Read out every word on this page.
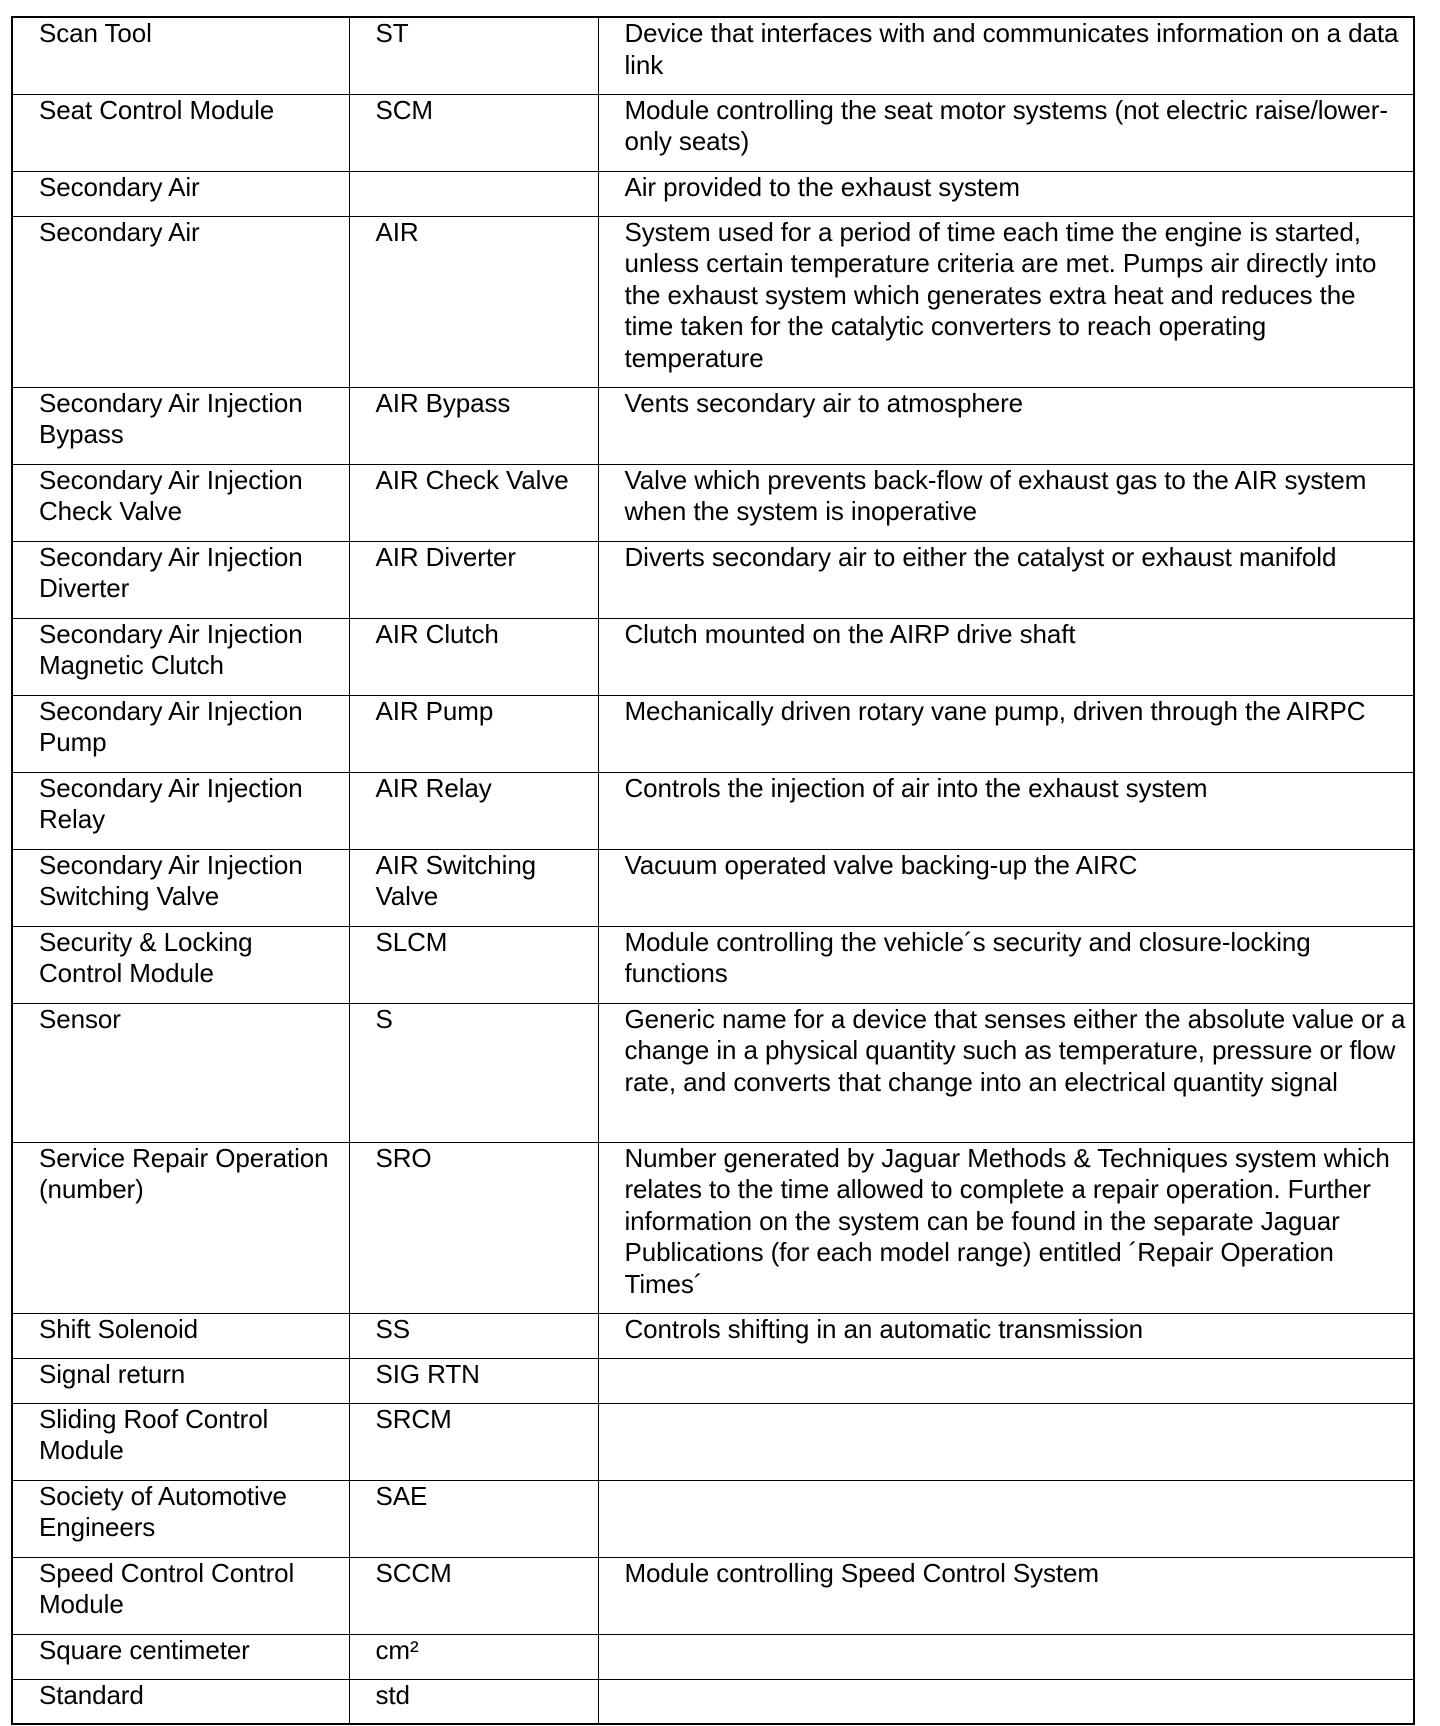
Scan Tool	ST	Device that interfaces with and communicates information on a data link
Seat Control Module	SCM	Module controlling the seat motor systems (not electric raise/lower-only seats)
Secondary Air		Air provided to the exhaust system
Secondary Air	AIR	System used for a period of time each time the engine is started, unless certain temperature criteria are met. Pumps air directly into the exhaust system which generates extra heat and reduces the time taken for the catalytic converters to reach operating temperature
Secondary Air Injection Bypass	AIR Bypass	Vents secondary air to atmosphere
Secondary Air Injection Check Valve	AIR Check Valve	Valve which prevents back-flow of exhaust gas to the AIR system when the system is inoperative
Secondary Air Injection Diverter	AIR Diverter	Diverts secondary air to either the catalyst or exhaust manifold
Secondary Air Injection Magnetic Clutch	AIR Clutch	Clutch mounted on the AIRP drive shaft
Secondary Air Injection Pump	AIR Pump	Mechanically driven rotary vane pump, driven through the AIRPC
Secondary Air Injection Relay	AIR Relay	Controls the injection of air into the exhaust system
Secondary Air Injection Switching Valve	AIR Switching Valve	Vacuum operated valve backing-up the AIRC
Security & Locking Control Module	SLCM	Module controlling the vehicle´s security and closure-locking functions
Sensor	S	Generic name for a device that senses either the absolute value or a change in a physical quantity such as temperature, pressure or flow rate, and converts that change into an electrical quantity signal
Service Repair Operation (number)	SRO	Number generated by Jaguar Methods & Techniques system which relates to the time allowed to complete a repair operation. Further information on the system can be found in the separate Jaguar Publications (for each model range) entitled ´Repair Operation Times´
Shift Solenoid	SS	Controls shifting in an automatic transmission
Signal return	SIG RTN	
Sliding Roof Control Module	SRCM	
Society of Automotive Engineers	SAE	
Speed Control Control Module	SCCM	Module controlling Speed Control System
Square centimeter	cm²	
Standard	std	
